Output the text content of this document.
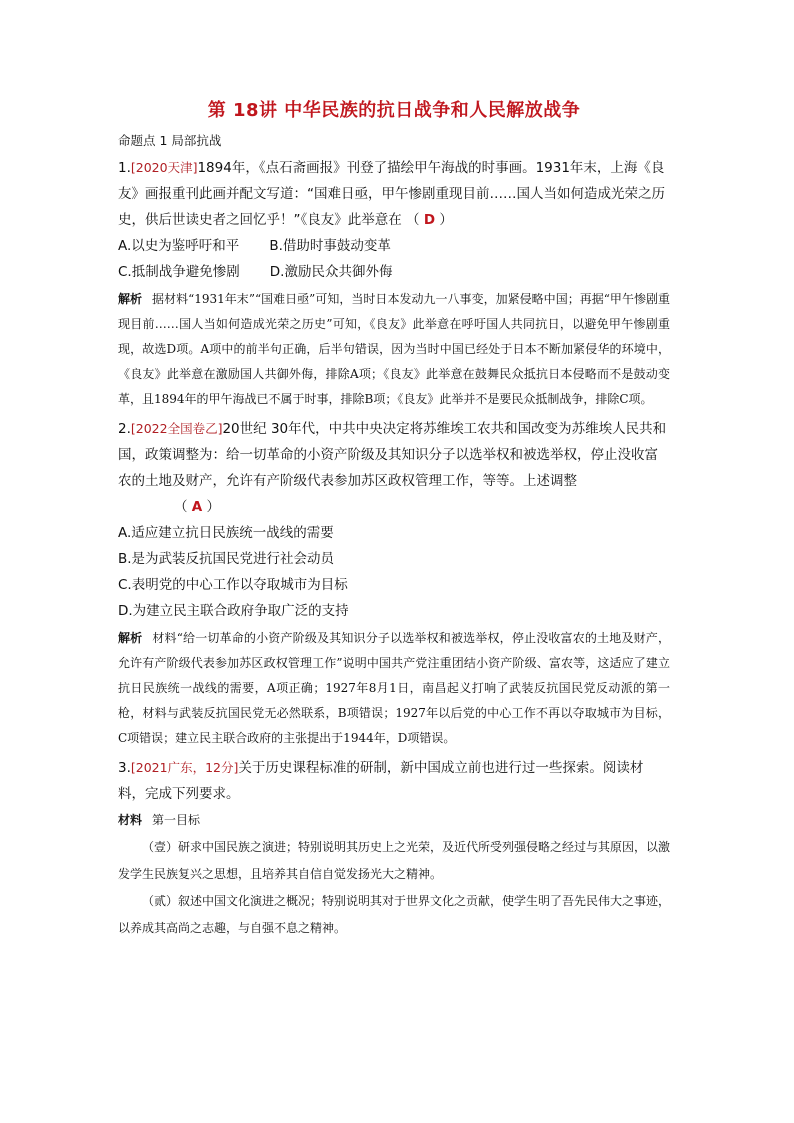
第 18讲 中华民族的抗日战争和人民解放战争

命题点 1 局部抗战

1.[2020天津]1894年，《点石斋画报》刊登了描绘甲午海战的时事画。1931年末，上海《良友》画报重刊此画并配文写道：“国难日亟，甲午惨剧重现目前……国人当如何造成光荣之历史，供后世读史者之回忆乎！”《良友》此举意在 （ D ）

A.以史为鉴呼吁和平       B.借助时事鼓动变革

C.抵制战争避免惨剧       D.激励民众共御外侮

解析 据材料“1931年末”“国难日亟”可知，当时日本发动九一八事变，加紧侵略中国；再据“甲午惨剧重现目前……国人当如何造成光荣之历史”可知，《良友》此举意在呼吁国人共同抗日，以避免甲午惨剧重现，故选D项。A项中的前半句正确，后半句错误，因为当时中国已经处于日本不断加紧侵华的环境中，《良友》此举意在激励国人共御外侮，排除A项；《良友》此举意在鼓舞民众抵抗日本侵略而不是鼓动变革，且1894年的甲午海战已不属于时事，排除B项；《良友》此举并不是要民众抵制战争，排除C项。

2.[2022全国卷乙]20世纪 30年代，中共中央决定将苏维埃工农共和国改变为苏维埃人民共和国，政策调整为：给一切革命的小资产阶级及其知识分子以选举权和被选举权，停止没收富农的土地及财产，允许有产阶级代表参加苏区政权管理工作，等等。上述调整

（ A ）

A.适应建立抗日民族统一战线的需要

B.是为武装反抗国民党进行社会动员

C.表明党的中心工作以夺取城市为目标

D.为建立民主联合政府争取广泛的支持

解析 材料“给一切革命的小资产阶级及其知识分子以选举权和被选举权，停止没收富农的土地及财产，允许有产阶级代表参加苏区政权管理工作”说明中国共产党注重团结小资产阶级、富农等，这适应了建立抗日民族统一战线的需要，A项正确；1927年8月1日，南昌起义打响了武装反抗国民党反动派的第一枪，材料与武装反抗国民党无必然联系，B项错误；1927年以后党的中心工作不再以夺取城市为目标，C项错误；建立民主联合政府的主张提出于1944年，D项错误。

3.[2021广东，12分]关于历史课程标准的研制，新中国成立前也进行过一些探索。阅读材料，完成下列要求。

材料 第一目标

（壹）研求中国民族之演进；特别说明其历史上之光荣，及近代所受列强侵略之经过与其原因，以激发学生民族复兴之思想，且培养其自信自觉发扬光大之精神。

（贰）叙述中国文化演进之概况；特别说明其对于世界文化之贡献，使学生明了吾先民伟大之事迹，以养成其高尚之志趣，与自强不息之精神。
